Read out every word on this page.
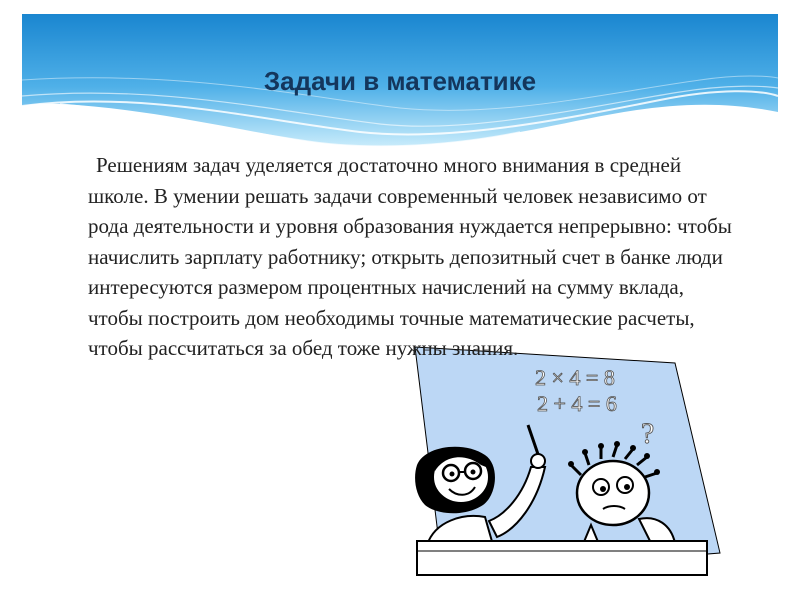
Задачи в математике
2 × 4 = 8
2 + 4 = 6
?

Решениям задач уделяется достаточно много внимания в средней школе. В умении решать задачи современный человек независимо от рода деятельности и уровня образования нуждается непрерывно: чтобы начислить зарплату работнику; открыть депозитный счет в банке люди интересуются размером процентных начислений на сумму вклада, чтобы построить дом необходимы точные математические расчеты, чтобы рассчитаться за обед тоже нужны знания.
